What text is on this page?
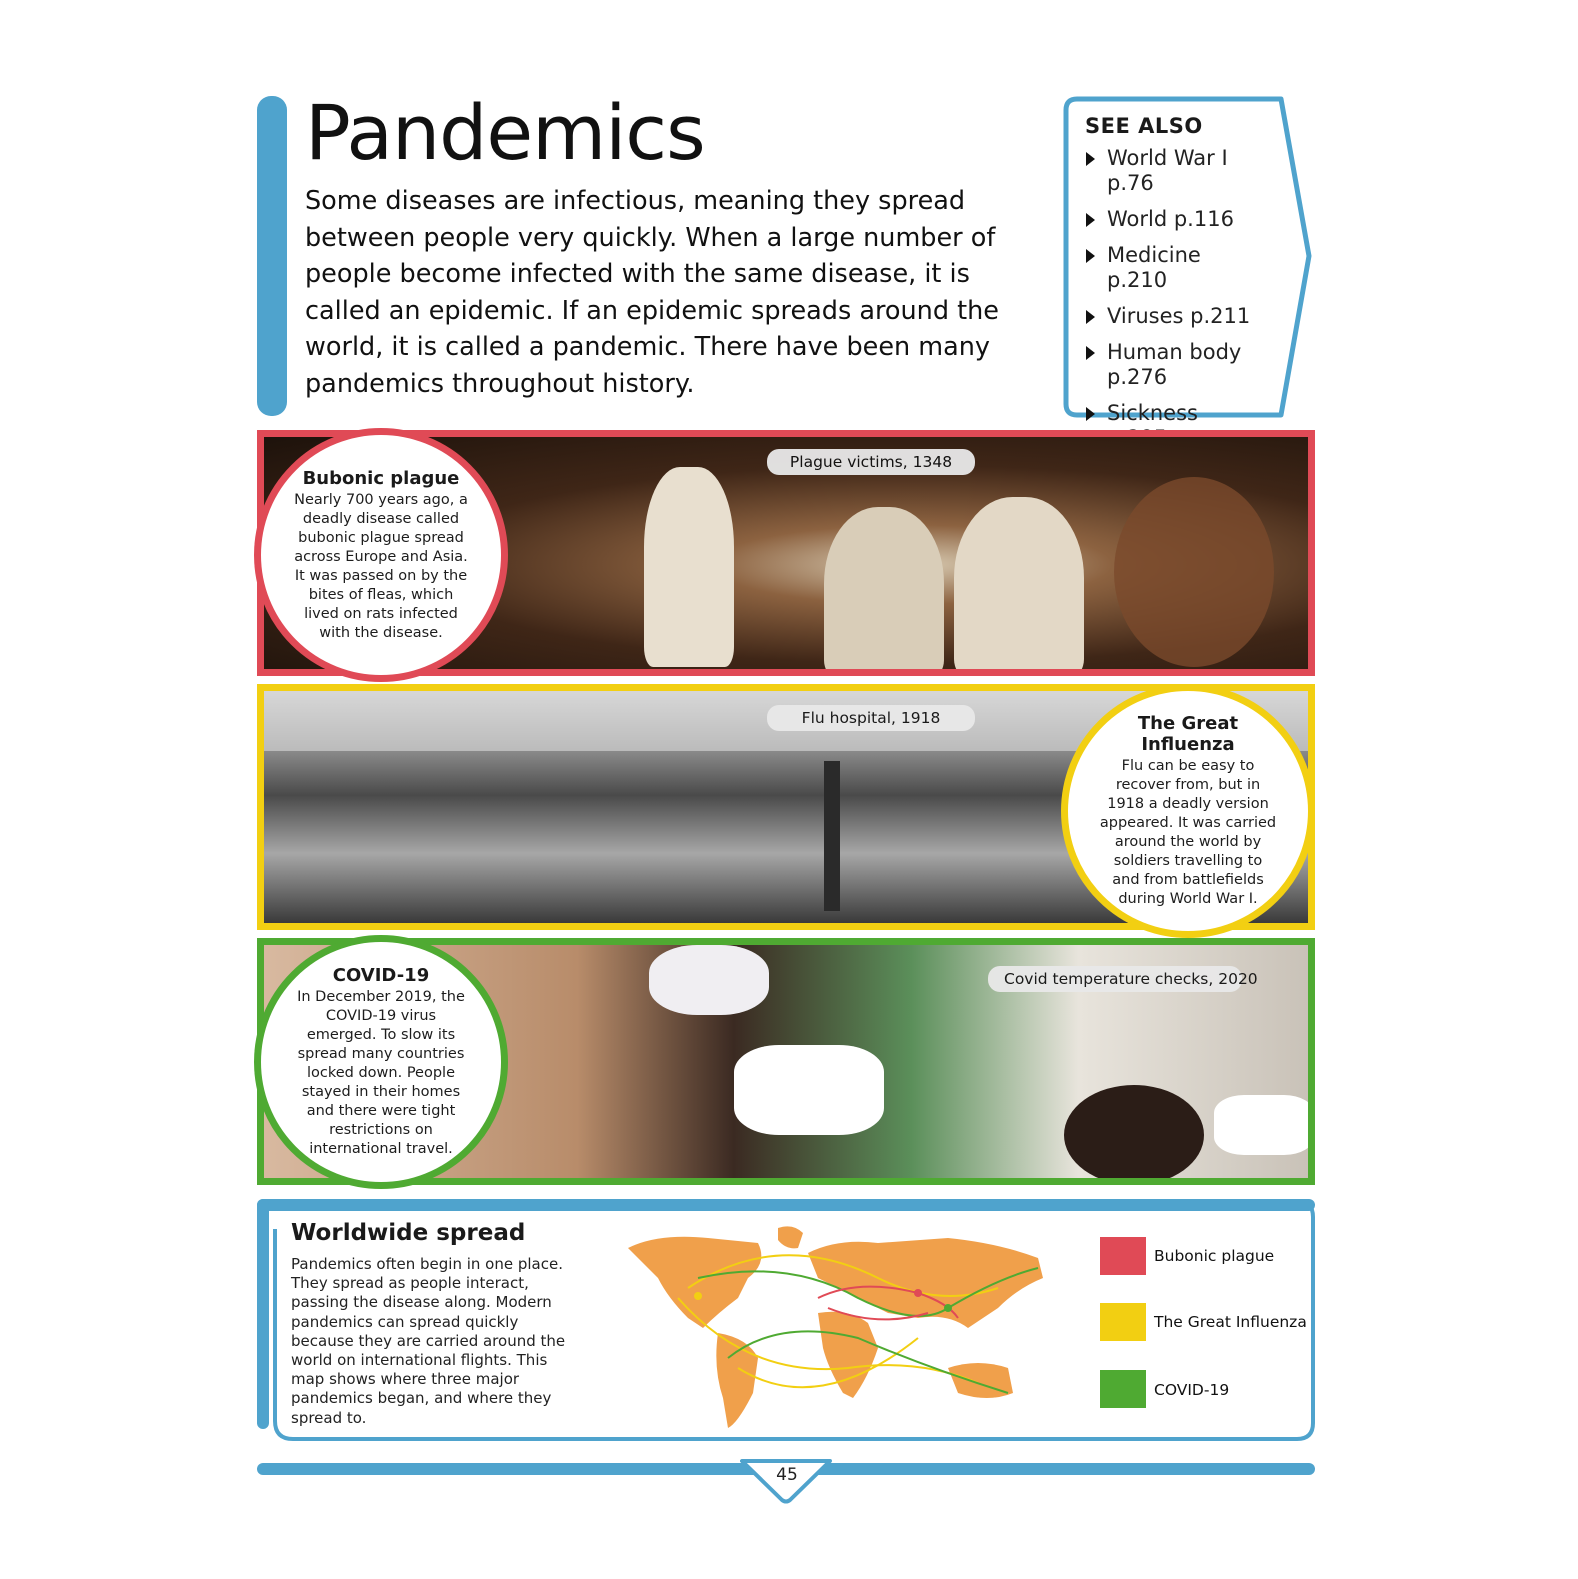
Pandemics

Some diseases are infectious, meaning they spread between people very quickly. When a large number of people become infected with the same disease, it is called an epidemic. If an epidemic spreads around the world, it is called a pandemic. There have been many pandemics throughout history.

SEE ALSO
World War I p.76
World p.116
Medicine p.210
Viruses p.211
Human body p.276
Sickness
Plague victims, 1348
Bubonic plague

Nearly 700 years ago, a deadly disease called bubonic plague spread across Europe and Asia. It was passed on by the bites of fleas, which lived on rats infected with the disease.

Flu hospital, 1918	The Great Influenza

Flu can be easy to recover from, but in 1918 a deadly version appeared. It was carried around the world by soldiers travelling to and from battlefields during World War I.

Covid temperature checks, 2020
COVID-19

In December 2019, the COVID-19 virus emerged. To slow its spread many countries locked down. People stayed in their homes and there were tight restrictions on international travel.

Worldwide spread

Pandemics often begin in one place. They spread as people interact, passing the disease along. Modern pandemics can spread quickly because they are carried around the world on international flights. This map shows where three major pandemics began, and where they spread to.

Bubonic plague
The Great Influenza
COVID-19
45
